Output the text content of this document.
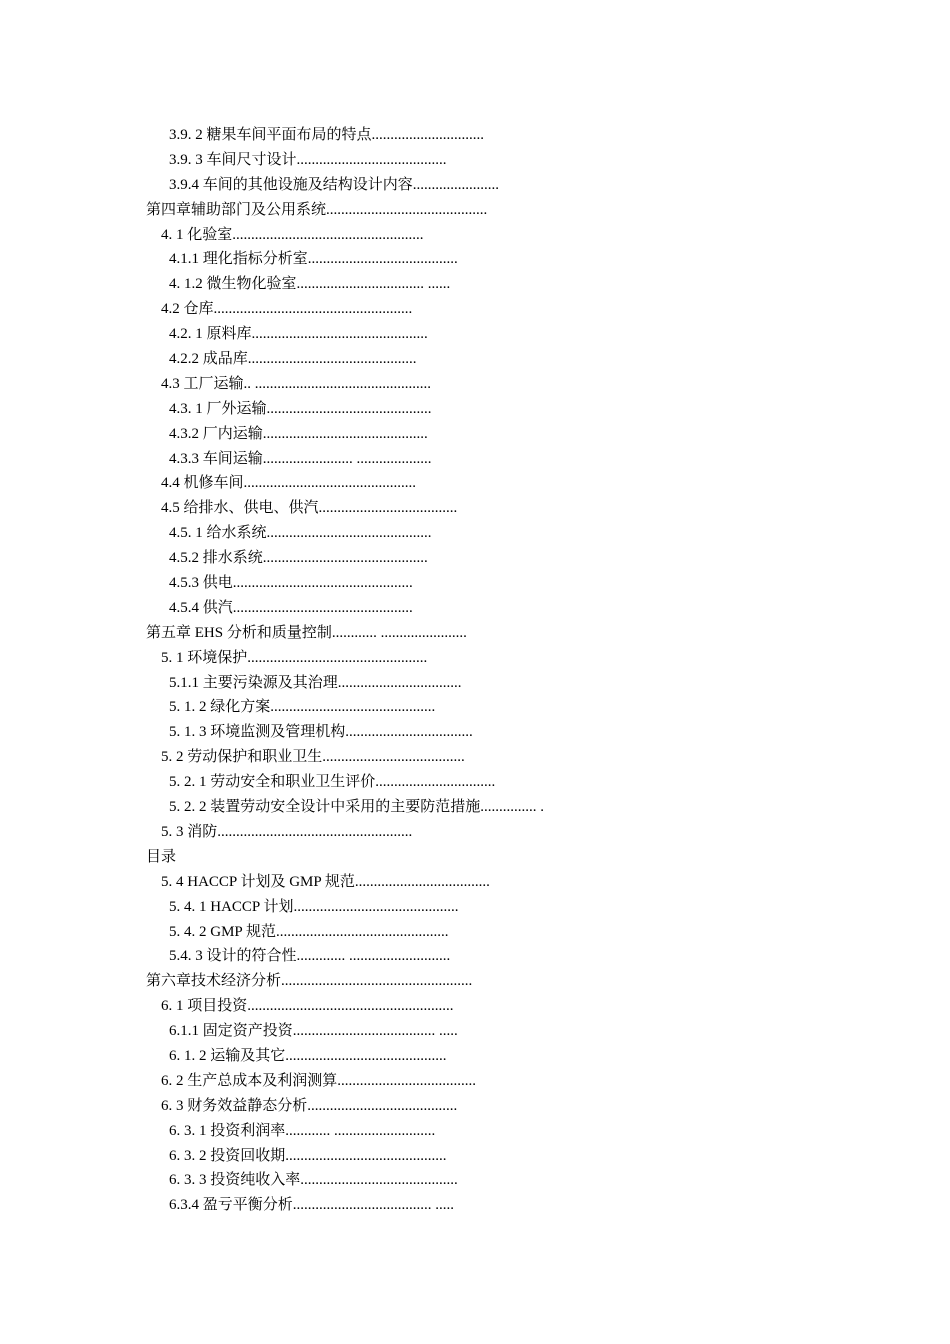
3.9. 2 糖果车间平面布局的特点..............................
3.9. 3 车间尺寸设计........................................
3.9.4 车间的其他设施及结构设计内容.......................
第四章辅助部门及公用系统...........................................
4. 1 化验室...................................................
4.1.1 理化指标分析室........................................
4. 1.2 微生物化验室.................................. ......
4.2 仓库.....................................................
4.2. 1 原料库...............................................
4.2.2 成品库.............................................
4.3 工厂运输.. ...............................................
4.3. 1 厂外运输............................................
4.3.2 厂内运输............................................
4.3.3 车间运输........................ ....................
4.4 机修车间..............................................
4.5 给排水、供电、供汽.....................................
4.5. 1 给水系统............................................
4.5.2 排水系统............................................
4.5.3 供电................................................
4.5.4 供汽................................................
第五章 EHS 分析和质量控制............ .......................
5. 1 环境保护................................................
5.1.1 主要污染源及其治理.................................
5. 1. 2 绿化方案............................................
5. 1. 3 环境监测及管理机构..................................
5. 2 劳动保护和职业卫生......................................
5. 2. 1 劳动安全和职业卫生评价................................
5. 2. 2 装置劳动安全设计中采用的主要防范措施............... .
5. 3 消防....................................................
目录
5. 4 HACCP 计划及 GMP 规范....................................
5. 4. 1 HACCP 计划............................................
5. 4. 2 GMP 规范..............................................
5.4. 3 设计的符合性............. ...........................
第六章技术经济分析...................................................
6. 1 项目投资.......................................................
6.1.1 固定资产投资...................................... .....
6. 1. 2 运输及其它...........................................
6. 2 生产总成本及利润测算.....................................
6. 3 财务效益静态分析........................................
6. 3. 1 投资利润率............ ...........................
6. 3. 2 投资回收期...........................................
6. 3. 3 投资纯收入率..........................................
6.3.4 盈亏平衡分析..................................... .....
